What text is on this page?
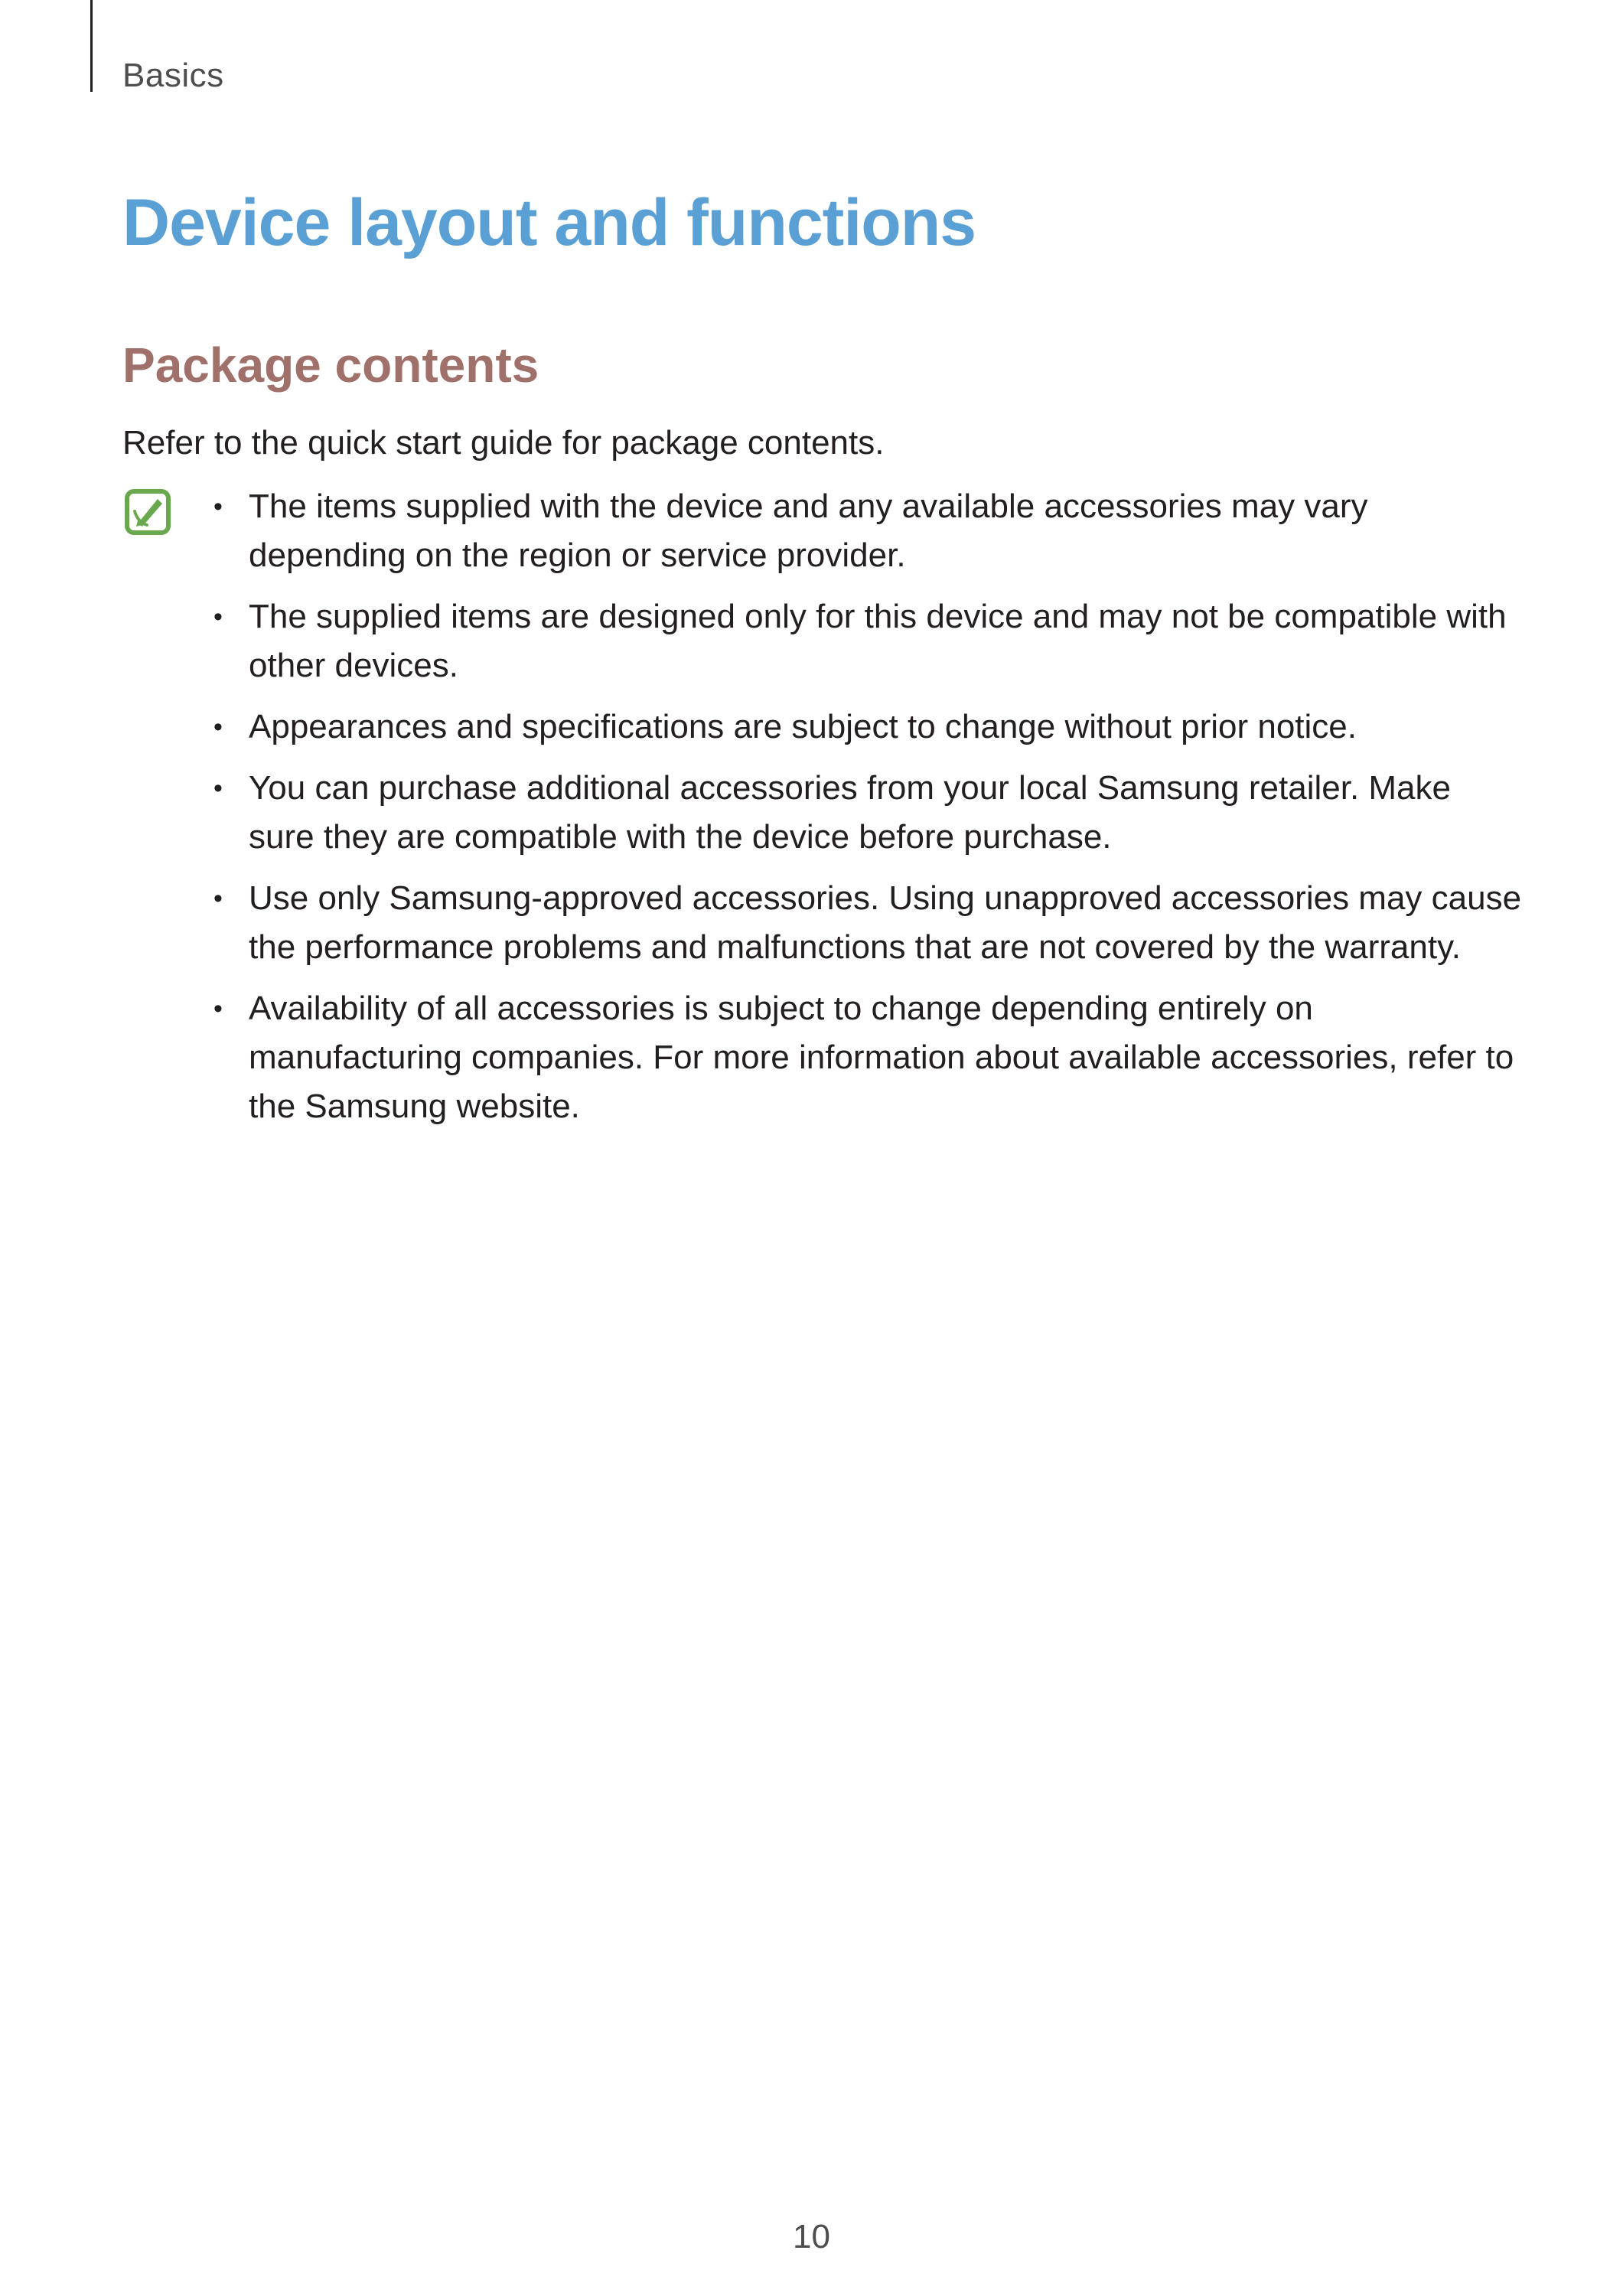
Basics
Device layout and functions
Package contents

Refer to the quick start guide for package contents.

• The items supplied with the device and any available accessories may vary depending on the region or service provider.
• The supplied items are designed only for this device and may not be compatible with other devices.
• Appearances and specifications are subject to change without prior notice.
• You can purchase additional accessories from your local Samsung retailer. Make sure they are compatible with the device before purchase.
• Use only Samsung-approved accessories. Using unapproved accessories may cause the performance problems and malfunctions that are not covered by the warranty.
• Availability of all accessories is subject to change depending entirely on manufacturing companies. For more information about available accessories, refer to the Samsung website.
10
